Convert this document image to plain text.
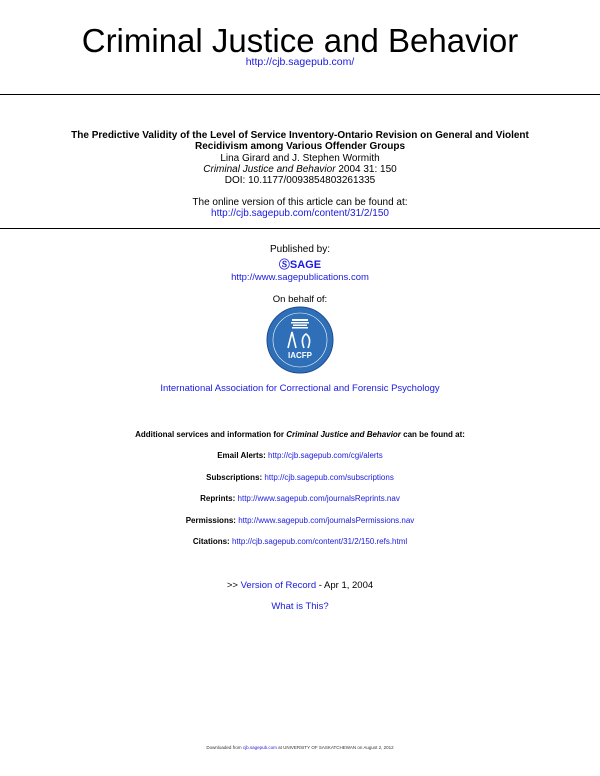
Criminal Justice and Behavior
http://cjb.sagepub.com/
The Predictive Validity of the Level of Service Inventory-Ontario Revision on General and Violent
Recidivism among Various Offender Groups
Lina Girard and J. Stephen Wormith
Criminal Justice and Behavior 2004 31: 150
DOI: 10.1177/0093854803261335
The online version of this article can be found at:
http://cjb.sagepub.com/content/31/2/150
Published by:
ⓈSAGE
http://www.sagepublications.com
On behalf of:
IACFP
International Association for Correctional and Forensic Psychology
Additional services and information for Criminal Justice and Behavior can be found at:
Email Alerts: http://cjb.sagepub.com/cgi/alerts
Subscriptions: http://cjb.sagepub.com/subscriptions
Reprints: http://www.sagepub.com/journalsReprints.nav
Permissions: http://www.sagepub.com/journalsPermissions.nav
Citations: http://cjb.sagepub.com/content/31/2/150.refs.html
>> Version of Record - Apr 1, 2004
What is This?
Downloaded from cjb.sagepub.com at UNIVERSITY OF SASKATCHEWAN on August 2, 2012
